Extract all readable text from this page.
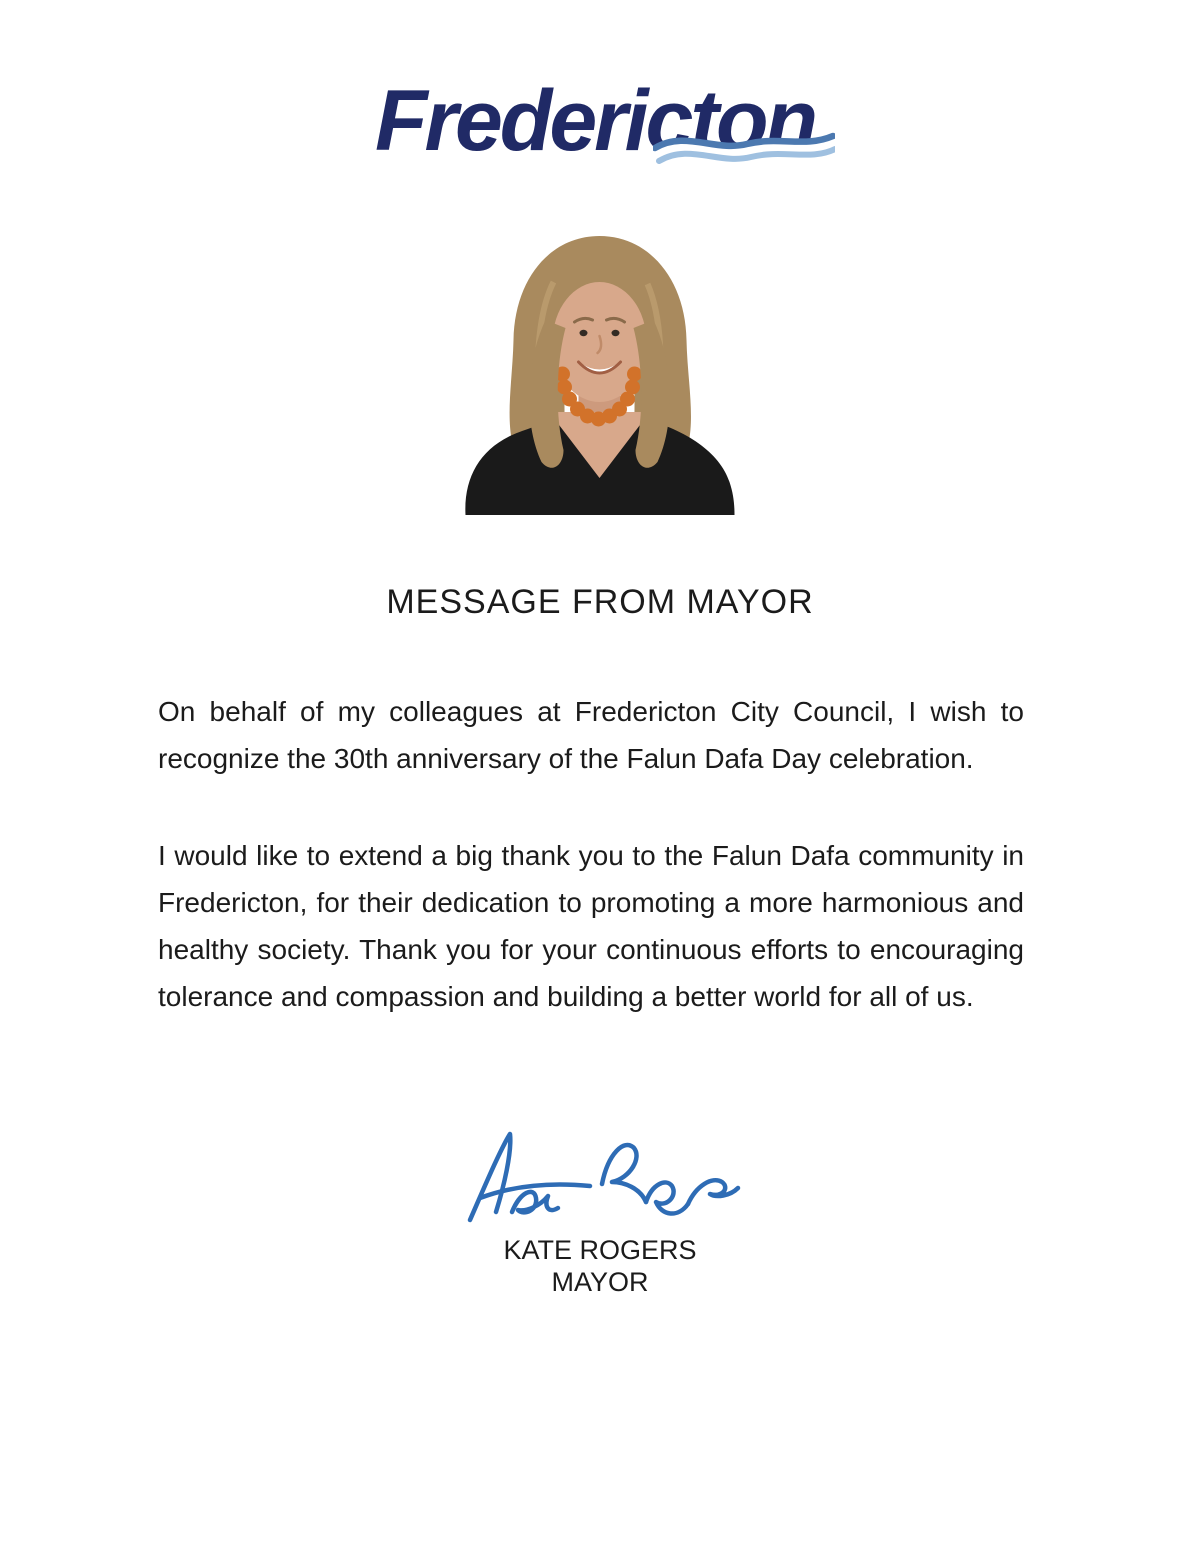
Fredericton
MESSAGE FROM MAYOR

On behalf of my colleagues at Fredericton City Council, I wish to recognize the 30th anniversary of the Falun Dafa Day celebration.

I would like to extend a big thank you to the Falun Dafa community in Fredericton, for their dedication to promoting a more harmonious and healthy society. Thank you for your continuous efforts to encouraging tolerance and compassion and building a better world for all of us.

KATE ROGERS
MAYOR
